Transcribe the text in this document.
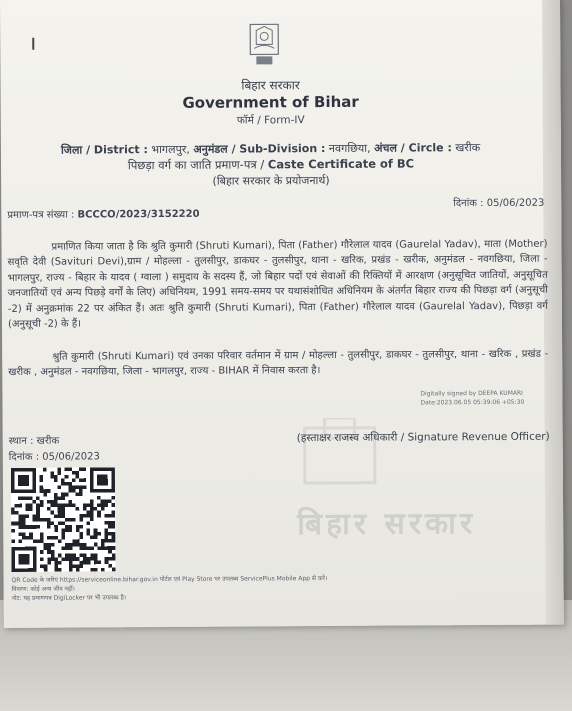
बिहार सरकार
Government of Bihar
फॉर्म / Form-IV
जिला / District : भागलपुर, अनुमंडल / Sub-Division : नवगछिया, अंचल / Circle : खरीक
पिछड़ा वर्ग का जाति प्रमाण-पत्र / Caste Certificate of BC
(बिहार सरकार के प्रयोजनार्थ)
प्रमाण-पत्र संख्या : BCCCO/2023/3152220
दिनांक : 05/06/2023
प्रमाणित किया जाता है कि श्रुति कुमारी (Shruti Kumari), पिता (Father) गौरेलाल यादव (Gaurelal Yadav), माता (Mother) सवृति देवी (Savituri Devi),ग्राम / मोहल्ला - तुलसीपुर, डाकघर - तुलसीपुर, थाना - खरिक, प्रखंड - खरीक, अनुमंडल - नवगछिया, जिला - भागलपुर, राज्य - बिहार के यादव ( ग्वाला ) समुदाय के सदस्य हैं, जो बिहार पदों एवं सेवाओं की रिक्तियों में आरक्षण (अनुसूचित जातियों, अनुसूचित जनजातियों एवं अन्य पिछड़े वर्गों के लिए) अधिनियम, 1991 समय-समय पर यथासंशोधित अधिनियम के अंतर्गत बिहार राज्य की पिछड़ा वर्ग (अनुसूची -2) में अनुक्रमांक 22 पर अंकित हैं। अतः श्रुति कुमारी (Shruti Kumari), पिता (Father) गौरेलाल यादव (Gaurelal Yadav), पिछड़ा वर्ग (अनुसूची -2) के हैं।
श्रुति कुमारी (Shruti Kumari) एवं उनका परिवार वर्तमान में ग्राम / मोहल्ला - तुलसीपुर, डाकघर - तुलसीपुर, थाना - खरिक , प्रखंड - खरीक , अनुमंडल - नवगछिया, जिला - भागलपुर, राज्य - BIHAR में निवास करता है।
Digitally signed by DEEPA KUMARI
Date:2023.06.05 05:39:06 +05:30
बिहार सरकार
स्थान : खरीक
दिनांक : 05/06/2023
(हस्ताक्षर राजस्व अधिकारी / Signature Revenue Officer)
QR Code के जरिए https://serviceonline.bihar.gov.in पोर्टल एवं Play Store पर उपलब्ध ServicePlus Mobile App से करें।
विवरण: कोई अन्य जीव नहीं।
नोट: यह प्रमाणपत्र DigiLocker पर भी उपलब्ध है।
